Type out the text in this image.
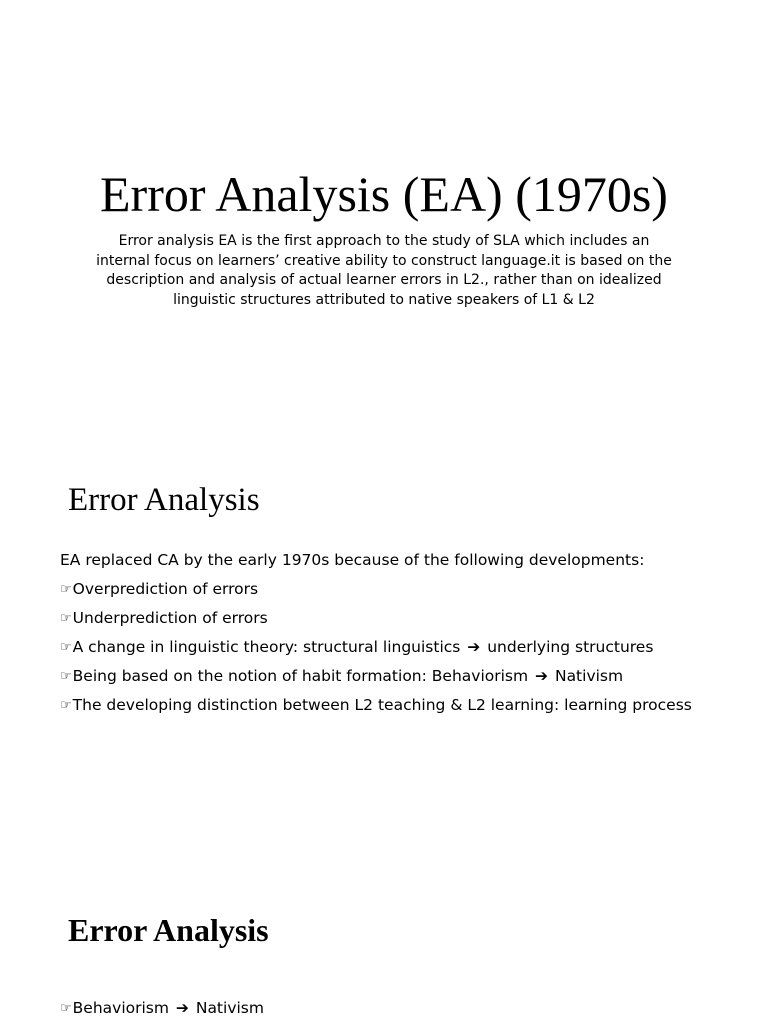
Error Analysis (EA) (1970s)

Error analysis EA is the first approach to the study of SLA which includes an internal focus on learners’ creative ability to construct language.it is based on the description and analysis of actual learner errors in L2., rather than on idealized linguistic structures attributed to native speakers of L1 & L2

Error Analysis
EA replaced CA by the early 1970s because of the following developments:
☞Overprediction of errors
☞Underprediction of errors
☞A change in linguistic theory: structural linguistics ➔ underlying structures
☞Being based on the notion of habit formation: Behaviorism ➔ Nativism
☞The developing distinction between L2 teaching & L2 learning: learning process
Error Analysis
☞Behaviorism ➔ Nativism
